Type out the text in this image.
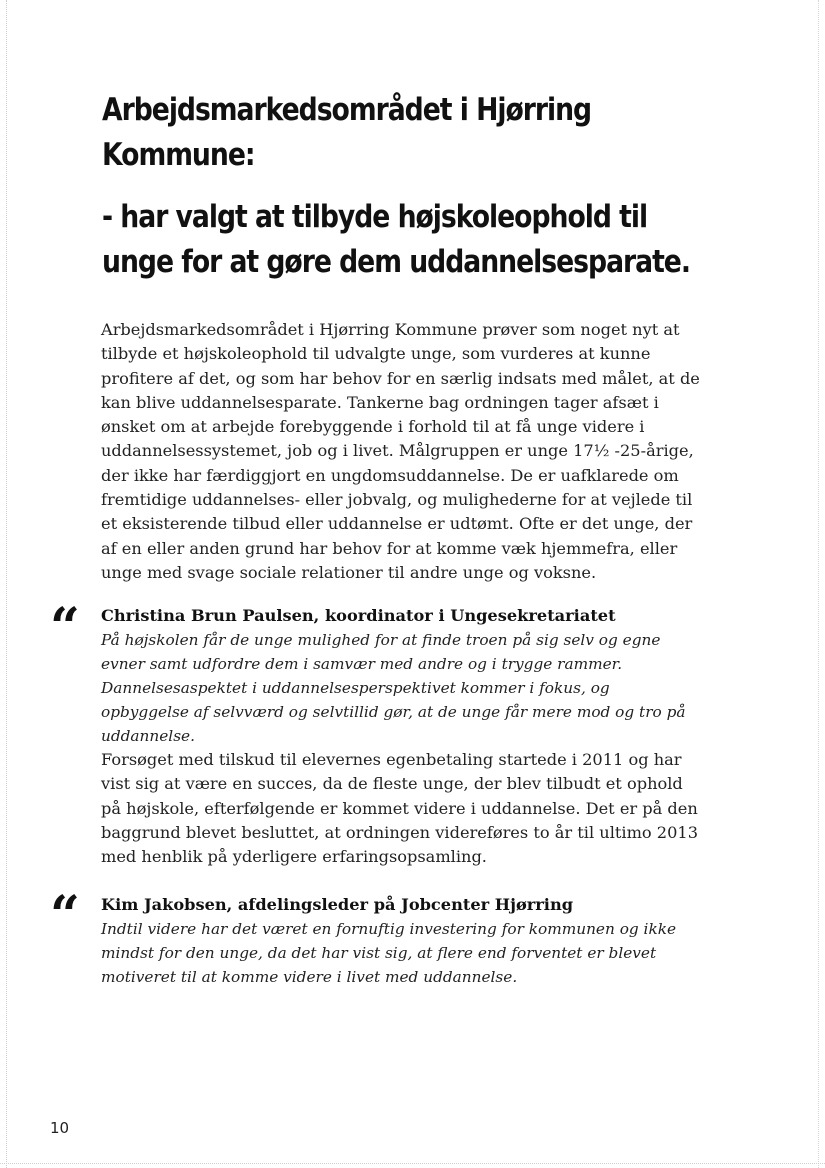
Arbejdsmarkedsområdet i Hjørring Kommune:
- har valgt at tilbyde højskoleophold til unge for at gøre dem uddannelsesparate.

Arbejdsmarkedsområdet i Hjørring Kommune prøver som noget nyt at tilbyde et højskoleophold til udvalgte unge, som vurderes at kunne profitere af det, og som har behov for en særlig indsats med målet, at de kan blive uddannelsesparate. Tankerne bag ordningen tager afsæt i ønsket om at arbejde forebyggende i forhold til at få unge videre i uddannelsessystemet, job og i livet. Målgruppen er unge 17½ -25-årige, der ikke har færdiggjort en ungdomsuddannelse. De er uafklarede om fremtidige uddannelses- eller jobvalg, og mulighederne for at vejlede til et eksisterende tilbud eller uddannelse er udtømt. Ofte er det unge, der af en eller anden grund har behov for at komme væk hjemmefra, eller unge med svage sociale relationer til andre unge og voksne.

“ Christina Brun Paulsen, koordinator i Ungesekretariatet

På højskolen får de unge mulighed for at finde troen på sig selv og egne evner samt udfordre dem i samvær med andre og i trygge rammer. Dannelsesaspektet i uddannelsesperspektivet kommer i fokus, og opbyggelse af selvværd og selvtillid gør, at de unge får mere mod og tro på uddannelse.

Forsøget med tilskud til elevernes egenbetaling startede i 2011 og har vist sig at være en succes, da de fleste unge, der blev tilbudt et ophold på højskole, efterfølgende er kommet videre i uddannelse. Det er på den baggrund blevet besluttet, at ordningen videreføres to år til ultimo 2013 med henblik på yderligere erfaringsopsamling.

“ Kim Jakobsen, afdelingsleder på Jobcenter Hjørring

Indtil videre har det været en fornuftig investering for kommunen og ikke mindst for den unge, da det har vist sig, at flere end forventet er blevet motiveret til at komme videre i livet med uddannelse.

10
